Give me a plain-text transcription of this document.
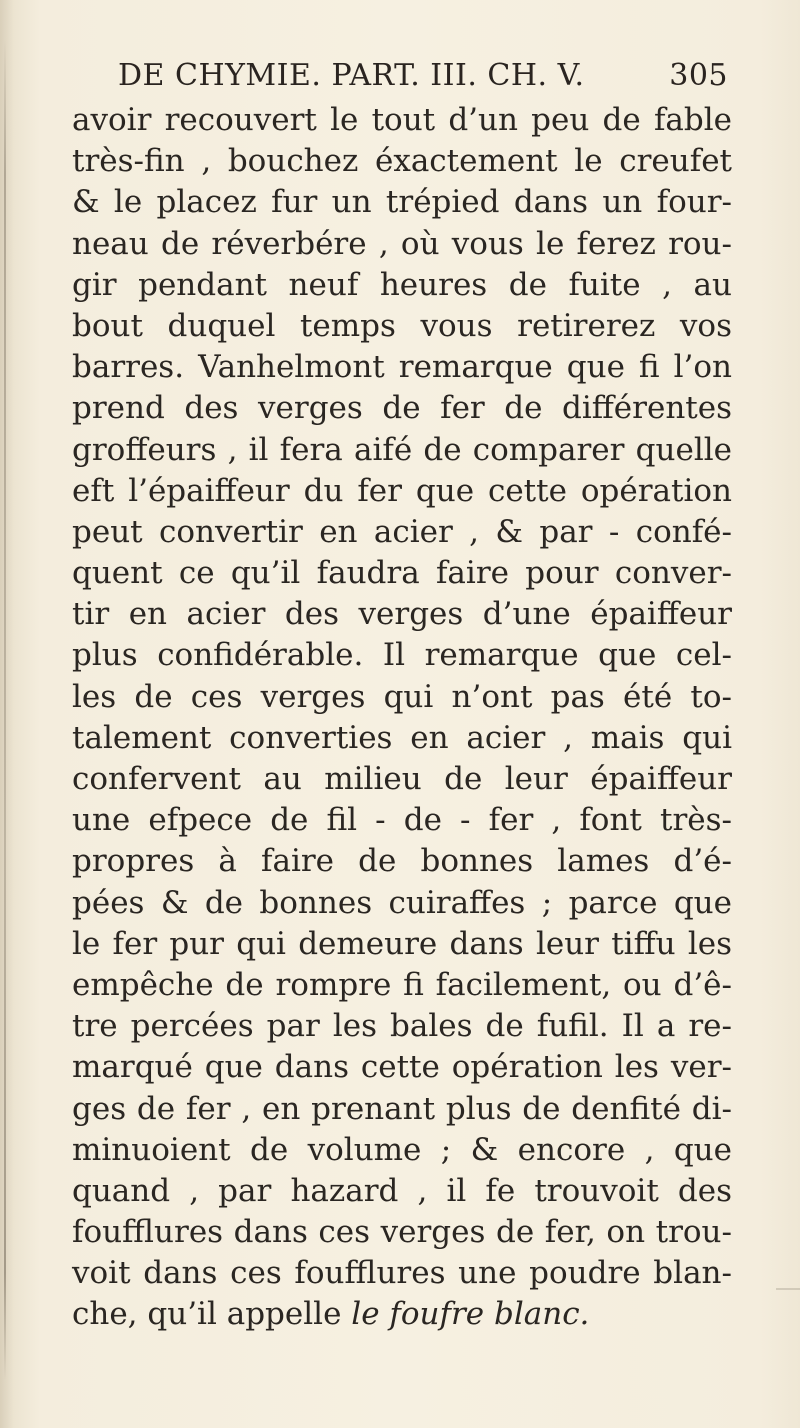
DE CHYMIE. PART. III. CH. V.	305
avoir recouvert le tout d’un peu de fable
très-fin , bouchez éxactement le creufet
& le placez fur un trépied dans un four-
neau de réverbére , où vous le ferez rou-
gir pendant neuf heures de fuite , au
bout duquel temps vous retirerez vos
barres. Vanhelmont remarque que fi l’on
prend des verges de fer de différentes
groffeurs , il fera aifé de comparer quelle
eft l’épaiffeur du fer que cette opération
peut convertir en acier , & par - confé-
quent ce qu’il faudra faire pour conver-
tir en acier des verges d’une épaiffeur
plus confidérable. Il remarque que cel-
les de ces verges qui n’ont pas été to-
talement converties en acier , mais qui
confervent au milieu de leur épaiffeur
une efpece de fil - de - fer , font très-
propres à faire de bonnes lames d’é-
pées & de bonnes cuiraffes ; parce que
le fer pur qui demeure dans leur tiffu les
empêche de rompre fi facilement, ou d’ê-
tre percées par les bales de fufil. Il a re-
marqué que dans cette opération les ver-
ges de fer , en prenant plus de denfité di-
minuoient de volume ; & encore , que
quand , par hazard , il fe trouvoit des
foufflures dans ces verges de fer, on trou-
voit dans ces foufflures une poudre blan-
che, qu’il appelle le foufre blanc.
